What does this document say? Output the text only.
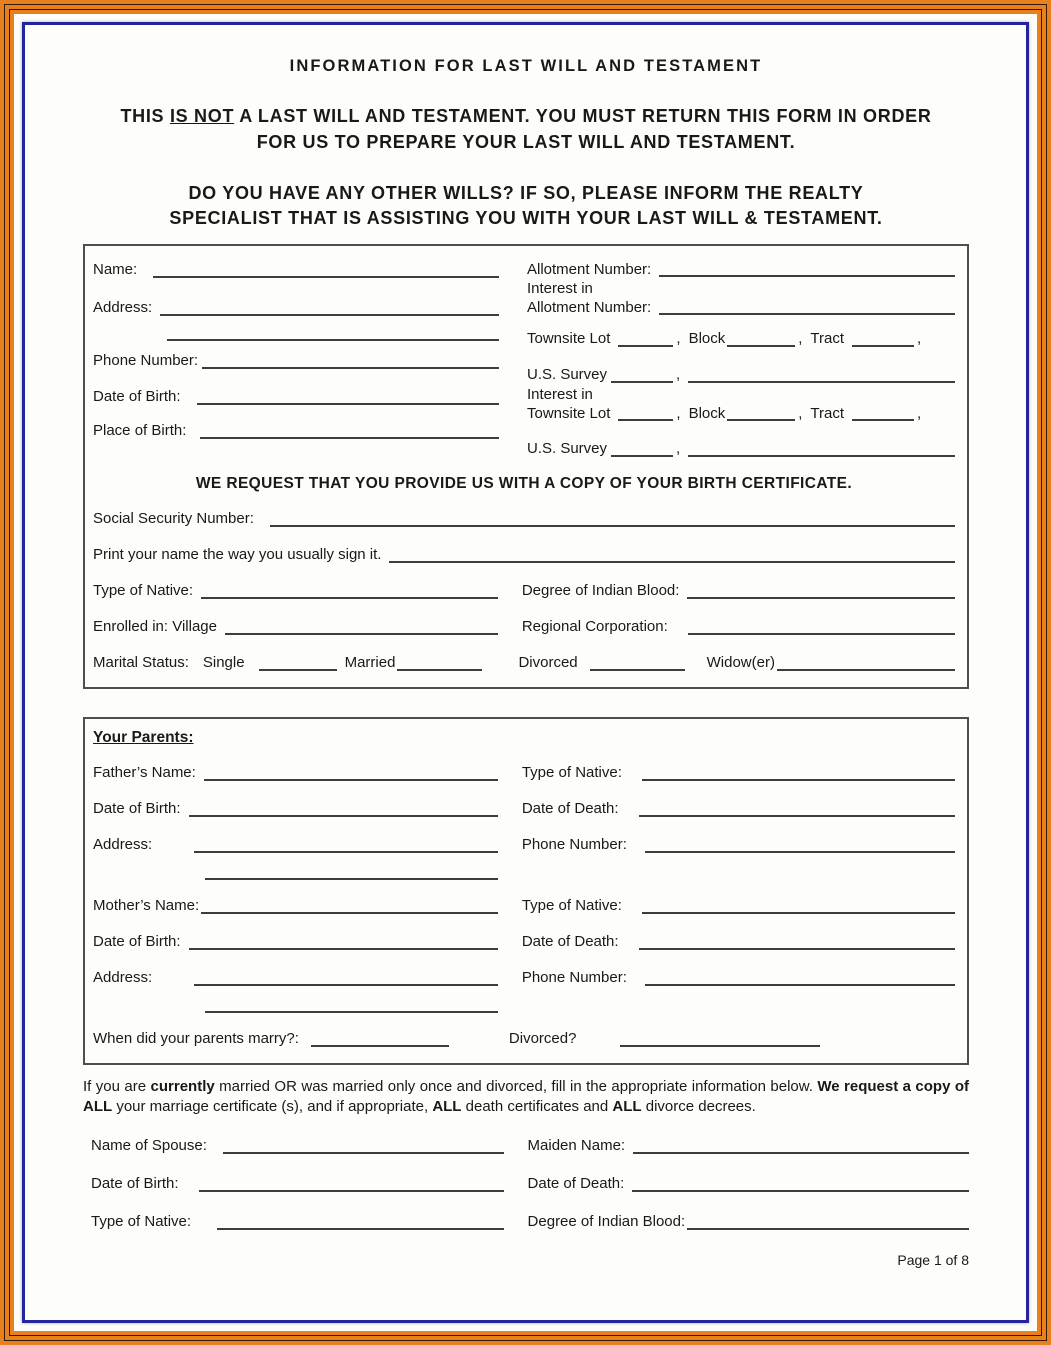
INFORMATION FOR LAST WILL AND TESTAMENT
THIS IS NOT A LAST WILL AND TESTAMENT. YOU MUST RETURN THIS FORM IN ORDER FOR US TO PREPARE YOUR LAST WILL AND TESTAMENT.
DO YOU HAVE ANY OTHER WILLS? IF SO, PLEASE INFORM THE REALTY SPECIALIST THAT IS ASSISTING YOU WITH YOUR LAST WILL & TESTAMENT.
Name:
Address:
Phone Number:
Date of Birth:
Place of Birth:
Allotment Number:
Interest in
Allotment Number:
Townsite Lot	, Block	, Tract	,
U.S. Survey	,
Interest in
Townsite Lot	, Block	, Tract	,
U.S. Survey	,
WE REQUEST THAT YOU PROVIDE US WITH A COPY OF YOUR BIRTH CERTIFICATE.
Social Security Number:
Print your name the way you usually sign it.
Type of Native:	Degree of Indian Blood:
Enrolled in: Village	Regional Corporation:
Marital Status: Single	Married	Divorced	Widow(er)
Your Parents:
Father’s Name:	Type of Native:
Date of Birth:	Date of Death:
Address:	Phone Number:
Mother’s Name:	Type of Native:
Date of Birth:	Date of Death:
Address:	Phone Number:
When did your parents marry?:	Divorced?
If you are currently married OR was married only once and divorced, fill in the appropriate information below. We request a copy of ALL your marriage certificate (s), and if appropriate, ALL death certificates and ALL divorce decrees.
Name of Spouse:	Maiden Name:
Date of Birth:	Date of Death:
Type of Native:	Degree of Indian Blood:
Page 1 of 8
